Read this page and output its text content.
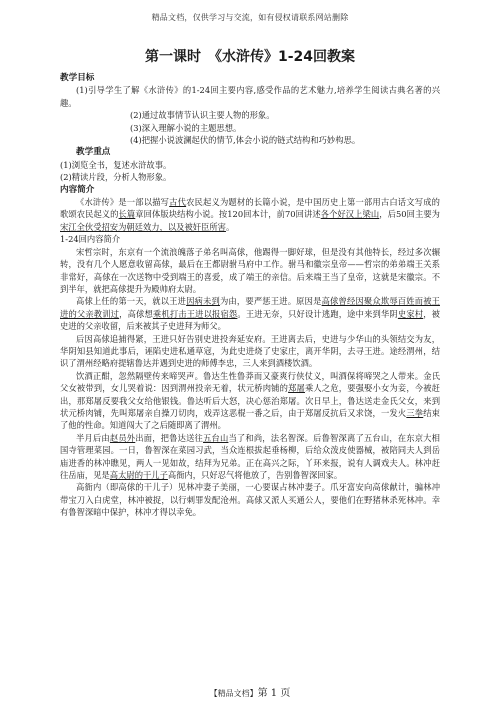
精品文档，仅供学习与交流，如有侵权请联系网站删除
第一课时　《水浒传》1-24回教案
教学目标

(1)引导学生了解《水浒传》的1-24回主要内容,感受作品的艺术魅力,培养学生阅读古典名著的兴趣。

(2)通过故事情节认识主要人物的形象。

(3)深入理解小说的主题思想。

(4)把握小说波澜起伏的情节,体会小说的链式结构和巧妙构思。

教学重点

(1)浏览全书，复述水浒故事。

(2)精读片段，分析人物形象。

内容简介

《水浒传》是一部以描写古代农民起义为题材的长篇小说，是中国历史上第一部用古白话文写成的歌颂农民起义的长篇章回体版块结构小说。按120回本计，前70回讲述各个好汉上梁山，后50回主要为宋江全伙受招安为朝廷效力，以及被奸臣所害。

1-24回内容简介

宋哲宗时，东京有一个流浪魄落子弟名叫高俅，他踢得一脚好球，但是没有其他特长，经过多次辗转，没有几个人愿意收留高俅，最后在王都尉驸马府中工作。驸马和徽宗皇帝——哲宗的弟弟端王关系非常好，高俅在一次送物中受到端王的喜爱，成了端王的亲信。后来端王当了皇帝，这就是宋徽宗。不到半年，就把高俅提升为殿帅府太尉。

高俅上任的第一天，就以王进因病未到为由，要严惩王进。原因是高俅曾经因聚众欺辱百姓而被王进的父亲教训过，高俅想乘机打击王进以报宿怨。王进无奈，只好设计逃跑，途中来到华阴史家村，被史进的父亲收留，后来被其子史进拜为师父。

后因高俅追捕得紧，王进只好告别史进投奔延安府。王进离去后，史进与少华山的头领结交为友，华阴知县知道此事后，诬陷史进私通草寇，为此史进烧了史家庄，离开华阴，去寻王进。途经渭州，结识了渭州经略府提辖鲁达并遇到史进的师傅李忠，三人来到酒楼饮酒。

饮酒正酣，忽然隔壁传来啼哭声。鲁达生性鲁莽而又豪爽行侠仗义，叫酒保将啼哭之人带来。金氏父女被带到，女儿哭着说：因到渭州投亲无着，状元桥肉铺的郑屠乘人之危，要强娶小女为妾，今被赶出，那郑屠反要我父女给他银钱。鲁达听后大怒，决心惩治郑屠。次日早上，鲁达送走金氏父女，来到状元桥肉铺，先叫郑屠亲自操刀切肉，戏弄这恶棍一番之后，由于郑屠反抗后又求饶，一发火三拳结束了他的性命。知道闯大了之后随即离了渭州。

半月后由赵员外出面，把鲁达送往五台山当了和尚，法名智深。后鲁智深离了五台山，在东京大相国寺管理菜园。一日，鲁智深在菜园习武，当众连根拔起垂杨柳，后给众泼皮使器械，被陪同夫人到岳庙进香的林冲瞧见，两人一见如故，结拜为兄弟。正在高兴之际，丫环来报，说有人调戏夫人。林冲赶往岳庙，见是高太尉的干儿子高衙内，只好忍气将他放了，告别鲁智深回家。

高衙内（即高俅的干儿子）见林冲妻子美丽，一心要谋占林冲妻子。爪牙富安向高俅献计，骗林冲带宝刀入白虎堂，林冲被捉，以行刺罪发配沧州。高俅又派人买通公人，要他们在野猪林杀死林冲。幸有鲁智深暗中保护，林冲才得以幸免。

【精品文档】第 1 页
